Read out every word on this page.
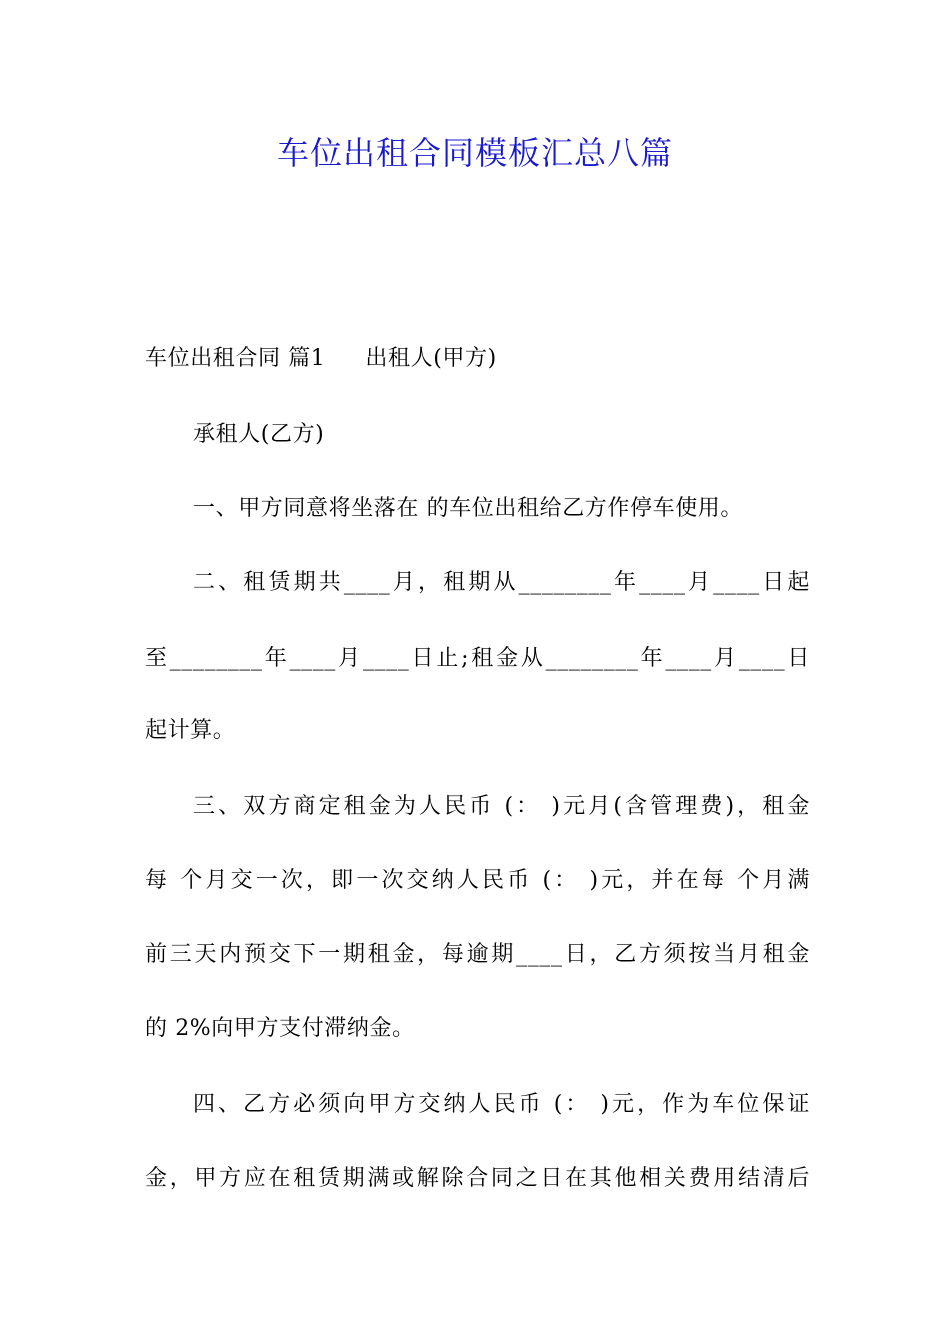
车位出租合同模板汇总八篇
车位出租合同 篇1 出租人(甲方)
承租人(乙方)
一、甲方同意将坐落在 的车位出租给乙方作停车使用。
二、租赁期共____月，租期从________年____月____日起
至________年____月____日止;租金从________年____月____日
起计算。
三、双方商定租金为人民币 (： )元月(含管理费)，租金
每 个月交一次，即一次交纳人民币 (： )元，并在每 个月满
前三天内预交下一期租金，每逾期____日，乙方须按当月租金
的 2%向甲方支付滞纳金。
四、乙方必须向甲方交纳人民币 (： )元，作为车位保证
金，甲方应在租赁期满或解除合同之日在其他相关费用结清后
